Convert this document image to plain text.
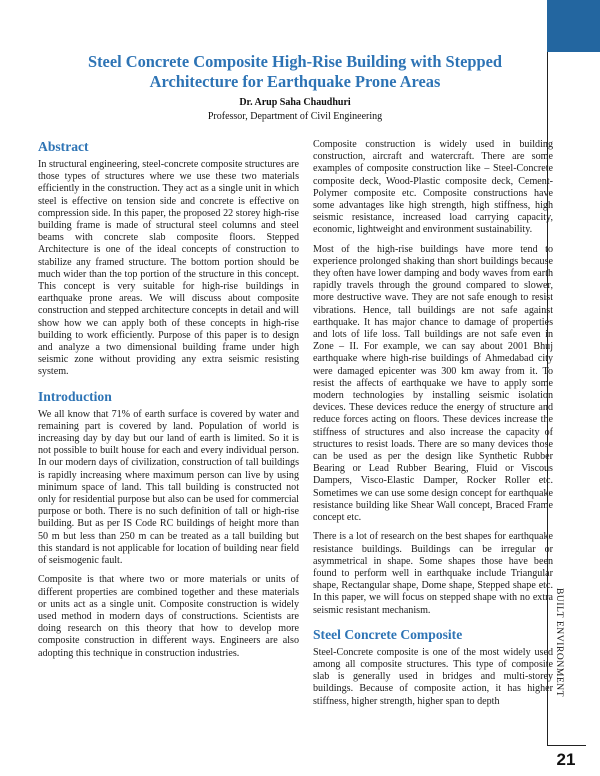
BUILT ENVIRONMENT
21
Steel Concrete Composite High-Rise Building with Stepped
Architecture for Earthquake Prone Areas
Dr. Arup Saha Chaudhuri
Professor, Department of Civil Engineering
Abstract

In structural engineering, steel-concrete composite structures are those types of structures where we use these two materials efficiently in the construction. They act as a single unit in which steel is effective on tension side and concrete is effective on compression side. In this paper, the proposed 22 storey high-rise building frame is made of structural steel columns and steel beams with concrete slab composite floors. Stepped Architecture is one of the ideal concepts of construction to stabilize any framed structure. The bottom portion should be much wider than the top portion of the structure in this concept. This concept is very suitable for high-rise buildings in earthquake prone areas. We will discuss about composite construction and stepped architecture concepts in detail and will show how we can apply both of these concepts in high-rise building to work efficiently. Purpose of this paper is to design and analyze a two dimensional building frame under high seismic zone without providing any extra seismic resisting system.

Introduction

We all know that 71% of earth surface is covered by water and remaining part is covered by land. Population of world is increasing day by day but our land of earth is limited. So it is not possible to built house for each and every individual person. In our modern days of civilization, construction of tall buildings is rapidly increasing where maximum person can live by using minimum space of land. This tall building is constructed not only for residential purpose but also can be used for commercial purpose or both. There is no such definition of tall or high-rise building. But as per IS Code RC buildings of height more than 50 m but less than 250 m can be treated as a tall building but this standard is not applicable for location of building near field of seismogenic fault.

Composite is that where two or more materials or units of different properties are combined together and these materials or units act as a single unit. Composite construction is widely used method in modern days of constructions. Scientists are doing research on this theory that how to develop more composite construction in different ways. Engineers are also adopting this technique in construction industries.

Composite construction is widely used in building construction, aircraft and watercraft. There are some examples of composite construction like – Steel-Concrete composite deck, Wood-Plastic composite deck, Cement-Polymer composite etc. Composite constructions have some advantages like high strength, high stiffness, high seismic resistance, increased load carrying capacity, economic, lightweight and environment sustainability.

Most of the high-rise buildings have more tend to experience prolonged shaking than short buildings because they often have lower damping and body waves from earth rapidly travels through the ground compared to slower, more destructive wave. They are not safe enough to resist vibrations. Hence, tall buildings are not safe against earthquake. It has major chance to damage of properties and lots of life loss. Tall buildings are not safe even in Zone – II. For example, we can say about 2001 Bhuj earthquake where high-rise buildings of Ahmedabad city were damaged epicenter was 300 km away from it. To resist the affects of earthquake we have to apply some modern technologies by installing seismic isolation devices. These devices reduce the energy of structure and reduce forces acting on floors. These devices increase the stiffness of structures and also increase the capacity of structures to resist loads. There are so many devices those can be used as per the design like Synthetic Rubber Bearing or Lead Rubber Bearing, Fluid or Viscous Dampers, Visco-Elastic Damper, Rocker Roller etc. Sometimes we can use some design concept for earthquake resistance building like Shear Wall concept, Braced Frame concept etc.

There is a lot of research on the best shapes for earthquake resistance buildings. Buildings can be irregular or asymmetrical in shape. Some shapes those have been found to perform well in earthquake include Triangular shape, Rectangular shape, Dome shape, Stepped shape etc. In this paper, we will focus on stepped shape with no extra seismic resistant mechanism.

Steel Concrete Composite

Steel-Concrete composite is one of the most widely used among all composite structures. This type of composite slab is generally used in bridges and multi-storey buildings. Because of composite action, it has higher stiffness, higher strength, higher span to depth
